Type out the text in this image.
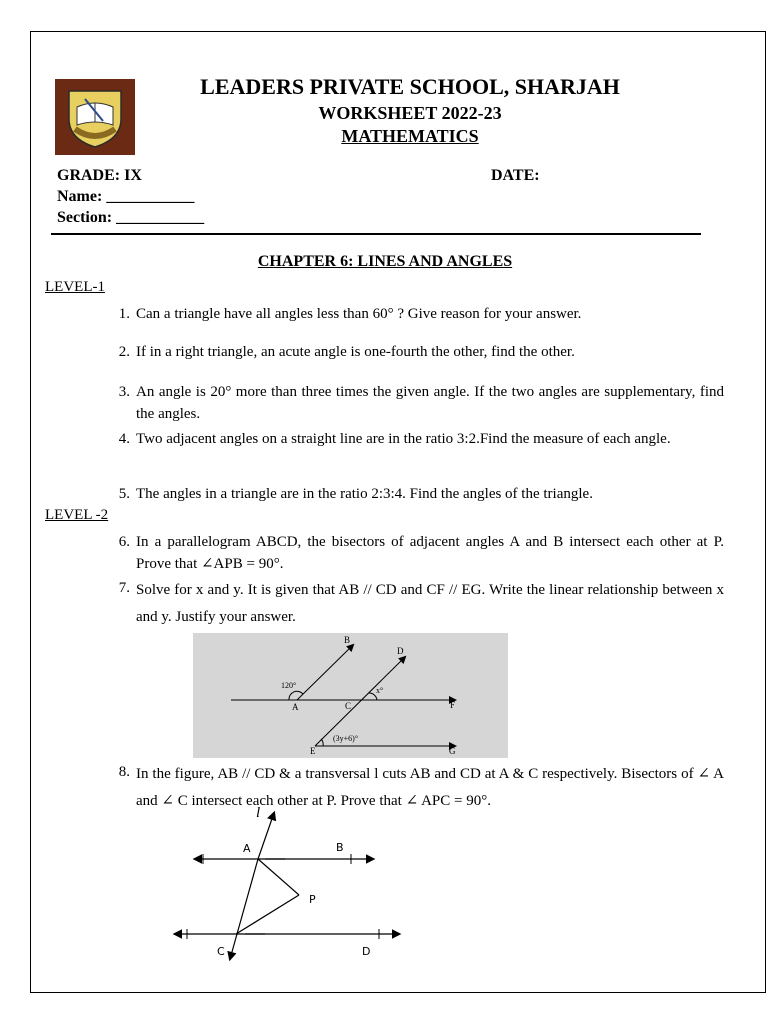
LEADERS PRIVATE SCHOOL, SHARJAH
WORKSHEET 2022-23
MATHEMATICS
GRADE: IX	DATE:
Name: ___________
Section: ___________
CHAPTER 6: LINES AND ANGLES
LEVEL-1
1. Can a triangle have all angles less than 60° ? Give reason for your answer.
2. If in a right triangle, an acute angle is one-fourth the other, find the other.
3. An angle is 20° more than three times the given angle. If the two angles are supplementary, find the angles.
4. Two adjacent angles on a straight line are in the ratio 3:2.Find the measure of each angle.
5. The angles in a triangle are in the ratio 2:3:4. Find the angles of the triangle.
LEVEL -2
6. In a parallelogram ABCD, the bisectors of adjacent angles A and B intersect each other at P. Prove that ∠APB = 90°.
7. Solve for x and y. It is given that AB // CD and CF // EG. Write the linear relationship between x and y. Justify your answer.
B
D
A	C	F
E	G
120°
x°
(3y+6)°
8. In the figure, AB // CD & a transversal l cuts AB and CD at A & C respectively. Bisectors of ∠ A and ∠ C intersect each other at P. Prove that ∠ APC = 90°.
l
A	B
P
C	D
